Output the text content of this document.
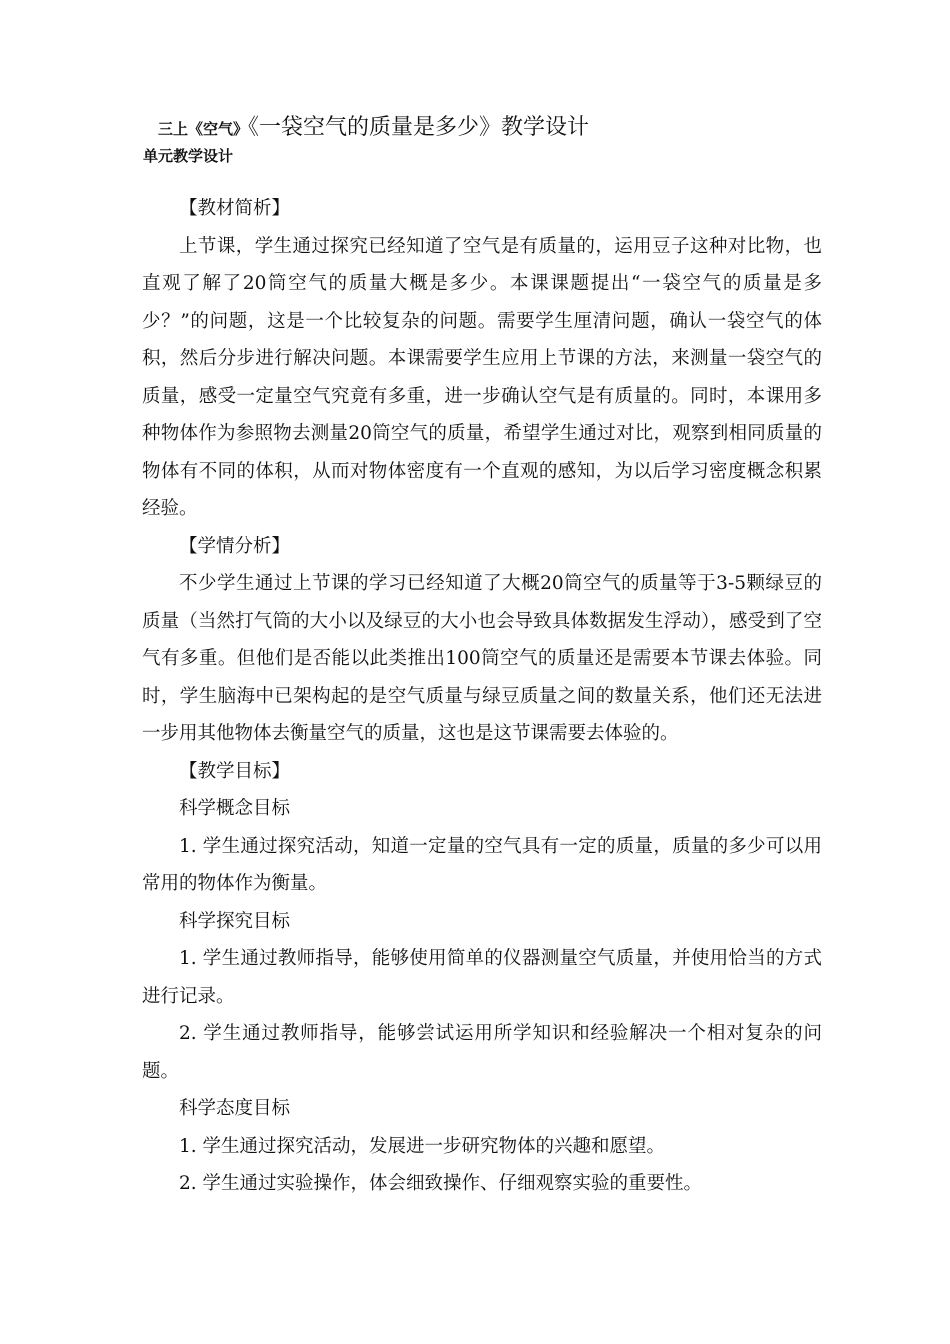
三上《空气》《一袋空气的质量是多少》教学设计
单元教学设计

【教材简析】

上节课，学生通过探究已经知道了空气是有质量的，运用豆子这种对比物，也直观了解了20筒空气的质量大概是多少。本课课题提出“一袋空气的质量是多少？”的问题，这是一个比较复杂的问题。需要学生厘清问题，确认一袋空气的体积，然后分步进行解决问题。本课需要学生应用上节课的方法，来测量一袋空气的质量，感受一定量空气究竟有多重，进一步确认空气是有质量的。同时，本课用多种物体作为参照物去测量20筒空气的质量，希望学生通过对比，观察到相同质量的物体有不同的体积，从而对物体密度有一个直观的感知，为以后学习密度概念积累经验。

【学情分析】

不少学生通过上节课的学习已经知道了大概20筒空气的质量等于3-5颗绿豆的质量（当然打气筒的大小以及绿豆的大小也会导致具体数据发生浮动），感受到了空气有多重。但他们是否能以此类推出100筒空气的质量还是需要本节课去体验。同时，学生脑海中已架构起的是空气质量与绿豆质量之间的数量关系，他们还无法进一步用其他物体去衡量空气的质量，这也是这节课需要去体验的。

【教学目标】

科学概念目标

1. 学生通过探究活动，知道一定量的空气具有一定的质量，质量的多少可以用常用的物体作为衡量。

科学探究目标

1. 学生通过教师指导，能够使用简单的仪器测量空气质量，并使用恰当的方式进行记录。

2. 学生通过教师指导，能够尝试运用所学知识和经验解决一个相对复杂的问题。

科学态度目标

1. 学生通过探究活动，发展进一步研究物体的兴趣和愿望。

2. 学生通过实验操作，体会细致操作、仔细观察实验的重要性。
